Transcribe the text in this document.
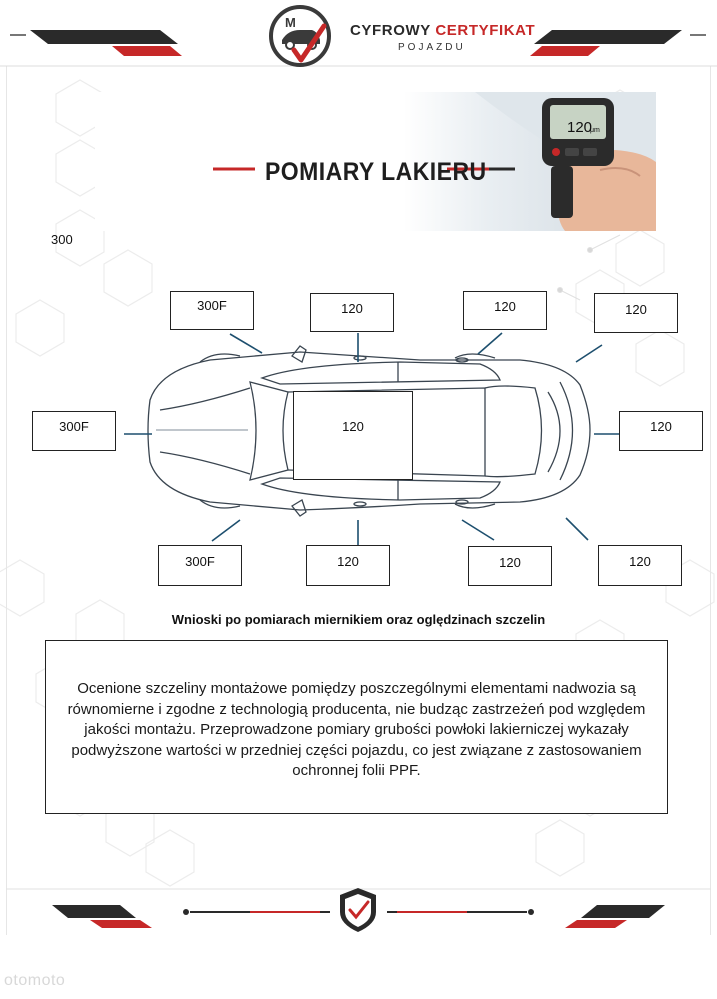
M	CYFROWY CERTYFIKAT
POJAZDU
120
μm
POMIARY LAKIERU
300
300F	120	120	120
300F	120	120
300F	120	120	120
Wnioski po pomiarach miernikiem oraz oględzinach szczelin
Ocenione szczeliny montażowe pomiędzy poszczególnymi elementami nadwozia są równomierne i zgodne z technologią producenta, nie budząc zastrzeżeń pod względem jakości montażu. Przeprowadzone pomiary grubości powłoki lakierniczej wykazały podwyższone wartości w przedniej części pojazdu, co jest związane z zastosowaniem ochronnej folii PPF.
otomoto
